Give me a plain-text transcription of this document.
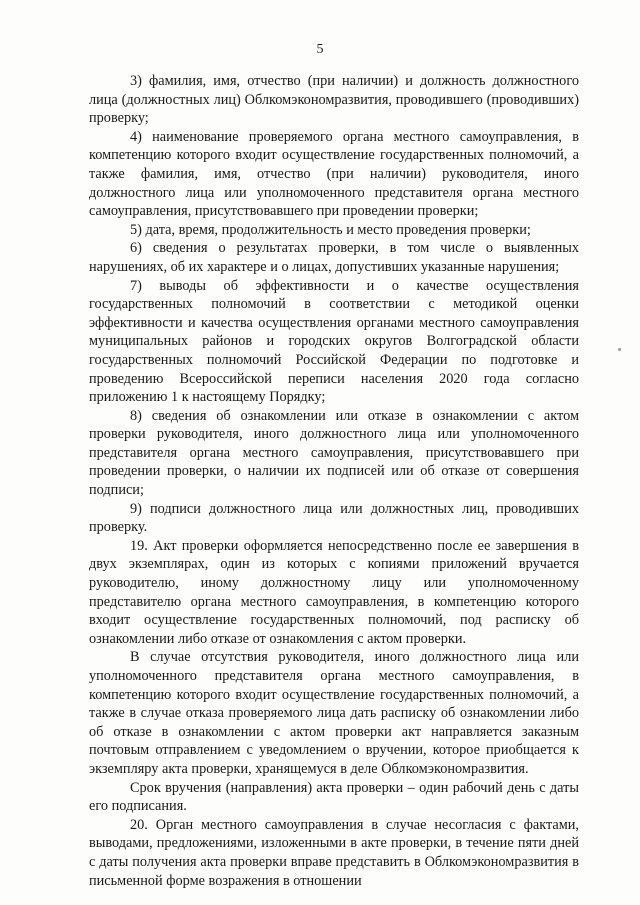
5

3) фамилия, имя, отчество (при наличии) и должность должностного лица (должностных лиц) Облкомэкономразвития, проводившего (проводивших) проверку;

4) наименование проверяемого органа местного самоуправления, в компетенцию которого входит осуществление государственных полномочий, а также фамилия, имя, отчество (при наличии) руководителя, иного должностного лица или уполномоченного представителя органа местного самоуправления, присутствовавшего при проведении проверки;

5) дата, время, продолжительность и место проведения проверки;

6) сведения о результатах проверки, в том числе о выявленных нарушениях, об их характере и о лицах, допустивших указанные нарушения;

7) выводы об эффективности и о качестве осуществления государственных полномочий в соответствии с методикой оценки эффективности и качества осуществления органами местного самоуправления муниципальных районов и городских округов Волгоградской области государственных полномочий Российской Федерации по подготовке и проведению Всероссийской переписи населения 2020 года согласно приложению 1 к настоящему Порядку;

8) сведения об ознакомлении или отказе в ознакомлении с актом проверки руководителя, иного должностного лица или уполномоченного представителя органа местного самоуправления, присутствовавшего при проведении проверки, о наличии их подписей или об отказе от совершения подписи;

9) подписи должностного лица или должностных лиц, проводивших проверку.

19. Акт проверки оформляется непосредственно после ее завершения в двух экземплярах, один из которых с копиями приложений вручается руководителю, иному должностному лицу или уполномоченному представителю органа местного самоуправления, в компетенцию которого входит осуществление государственных полномочий, под расписку об ознакомлении либо отказе от ознакомления с актом проверки.

В случае отсутствия руководителя, иного должностного лица или уполномоченного представителя органа местного самоуправления, в компетенцию которого входит осуществление государственных полномочий, а также в случае отказа проверяемого лица дать расписку об ознакомлении либо об отказе в ознакомлении с актом проверки акт направляется заказным почтовым отправлением с уведомлением о вручении, которое приобщается к экземпляру акта проверки, хранящемуся в деле Облкомэкономразвития.

Срок вручения (направления) акта проверки – один рабочий день с даты его подписания.

20. Орган местного самоуправления в случае несогласия с фактами, выводами, предложениями, изложенными в акте проверки, в течение пяти дней с даты получения акта проверки вправе представить в Облкомэкономразвития в письменной форме возражения в отношении
